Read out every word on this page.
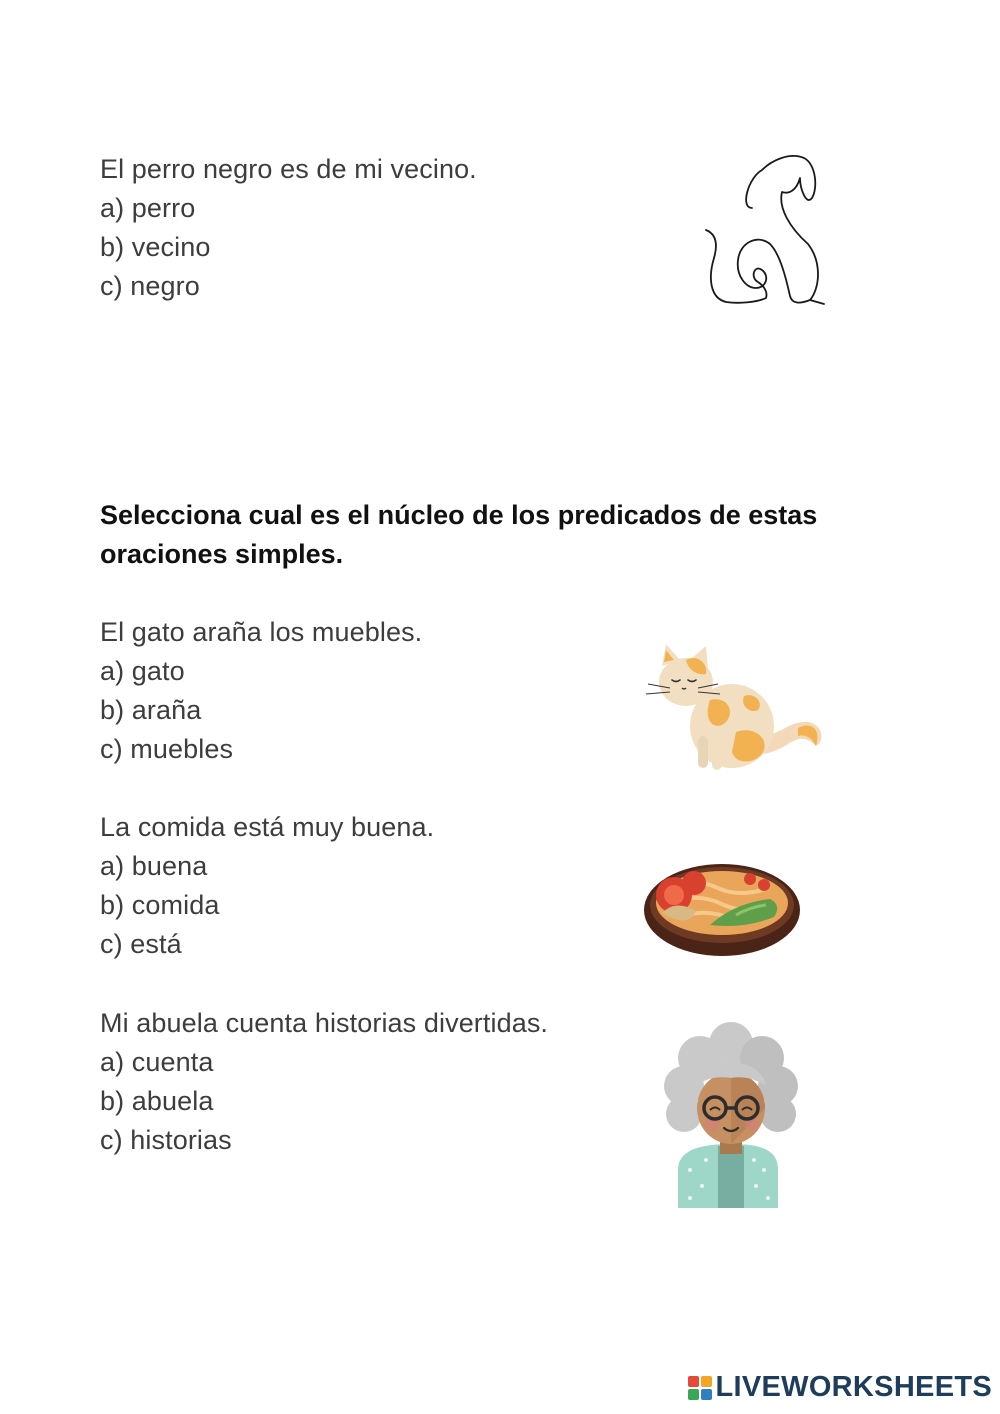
El perro negro es de mi vecino.
a) perro
b) vecino
c) negro
Selecciona cual es el núcleo de los predicados de estas
oraciones simples.
El gato araña los muebles.
a) gato
b) araña
c) muebles
La comida está muy buena.
a) buena
b) comida
c) está
Mi abuela cuenta historias divertidas.
a) cuenta
b) abuela
c) historias
LIVEWORKSHEETS
